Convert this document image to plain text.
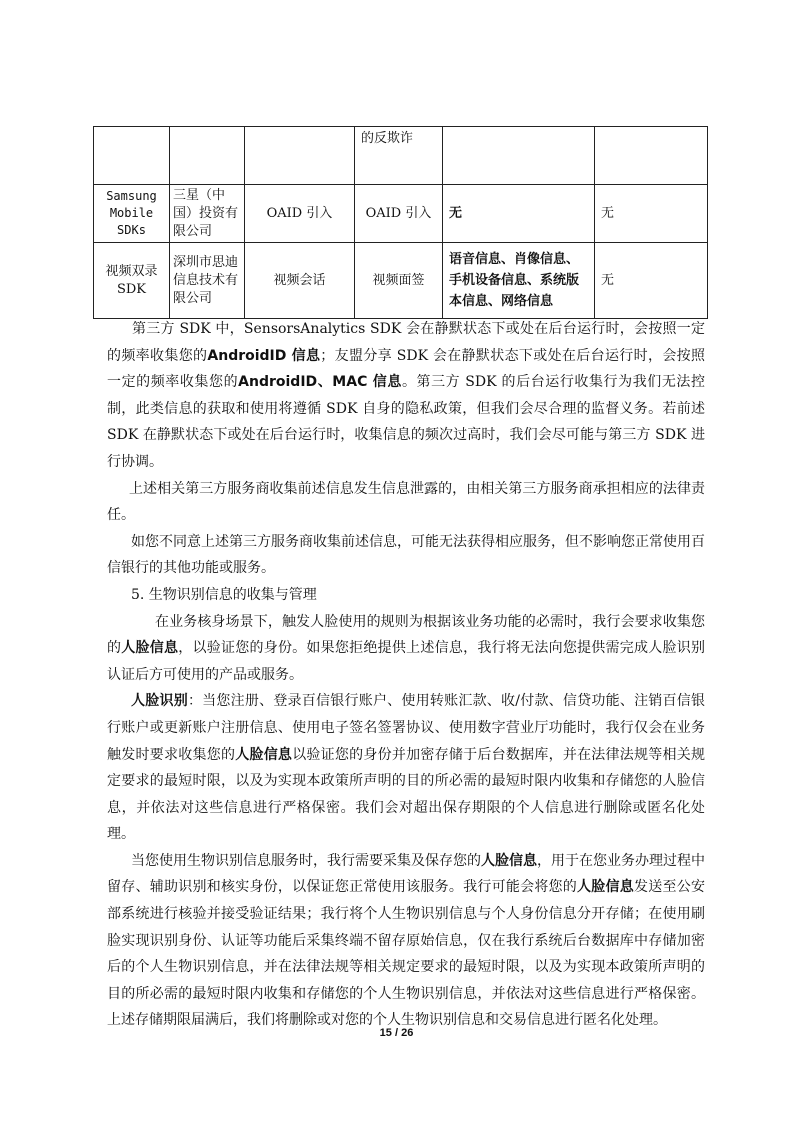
			的反欺诈		
Samsung Mobile SDKs	三星（中国）投资有限公司	OAID 引入	OAID 引入	无	无
视频双录SDK	深圳市思迪信息技术有限公司	视频会话	视频面签	语音信息、肖像信息、手机设备信息、系统版本信息、网络信息	无

第三方 SDK 中，SensorsAnalytics SDK 会在静默状态下或处在后台运行时，会按照一定的频率收集您的AndroidID 信息；友盟分享 SDK 会在静默状态下或处在后台运行时，会按照一定的频率收集您的AndroidID、MAC 信息。第三方 SDK 的后台运行收集行为我们无法控制，此类信息的获取和使用将遵循 SDK 自身的隐私政策，但我们会尽合理的监督义务。若前述 SDK 在静默状态下或处在后台运行时，收集信息的频次过高时，我们会尽可能与第三方 SDK 进行协调。

上述相关第三方服务商收集前述信息发生信息泄露的，由相关第三方服务商承担相应的法律责任。

如您不同意上述第三方服务商收集前述信息，可能无法获得相应服务，但不影响您正常使用百信银行的其他功能或服务。

5. 生物识别信息的收集与管理

在业务核身场景下，触发人脸使用的规则为根据该业务功能的必需时，我行会要求收集您的人脸信息，以验证您的身份。如果您拒绝提供上述信息，我行将无法向您提供需完成人脸识别认证后方可使用的产品或服务。

人脸识别：当您注册、登录百信银行账户、使用转账汇款、收/付款、信贷功能、注销百信银行账户或更新账户注册信息、使用电子签名签署协议、使用数字营业厅功能时，我行仅会在业务触发时要求收集您的人脸信息以验证您的身份并加密存储于后台数据库，并在法律法规等相关规定要求的最短时限，以及为实现本政策所声明的目的所必需的最短时限内收集和存储您的人脸信息，并依法对这些信息进行严格保密。我们会对超出保存期限的个人信息进行删除或匿名化处理。

当您使用生物识别信息服务时，我行需要采集及保存您的人脸信息，用于在您业务办理过程中留存、辅助识别和核实身份，以保证您正常使用该服务。我行可能会将您的人脸信息发送至公安部系统进行核验并接受验证结果；我行将个人生物识别信息与个人身份信息分开存储；在使用刷脸实现识别身份、认证等功能后采集终端不留存原始信息，仅在我行系统后台数据库中存储加密后的个人生物识别信息，并在法律法规等相关规定要求的最短时限，以及为实现本政策所声明的目的所必需的最短时限内收集和存储您的个人生物识别信息，并依法对这些信息进行严格保密。上述存储期限届满后，我们将删除或对您的个人生物识别信息和交易信息进行匿名化处理。

15 / 26
